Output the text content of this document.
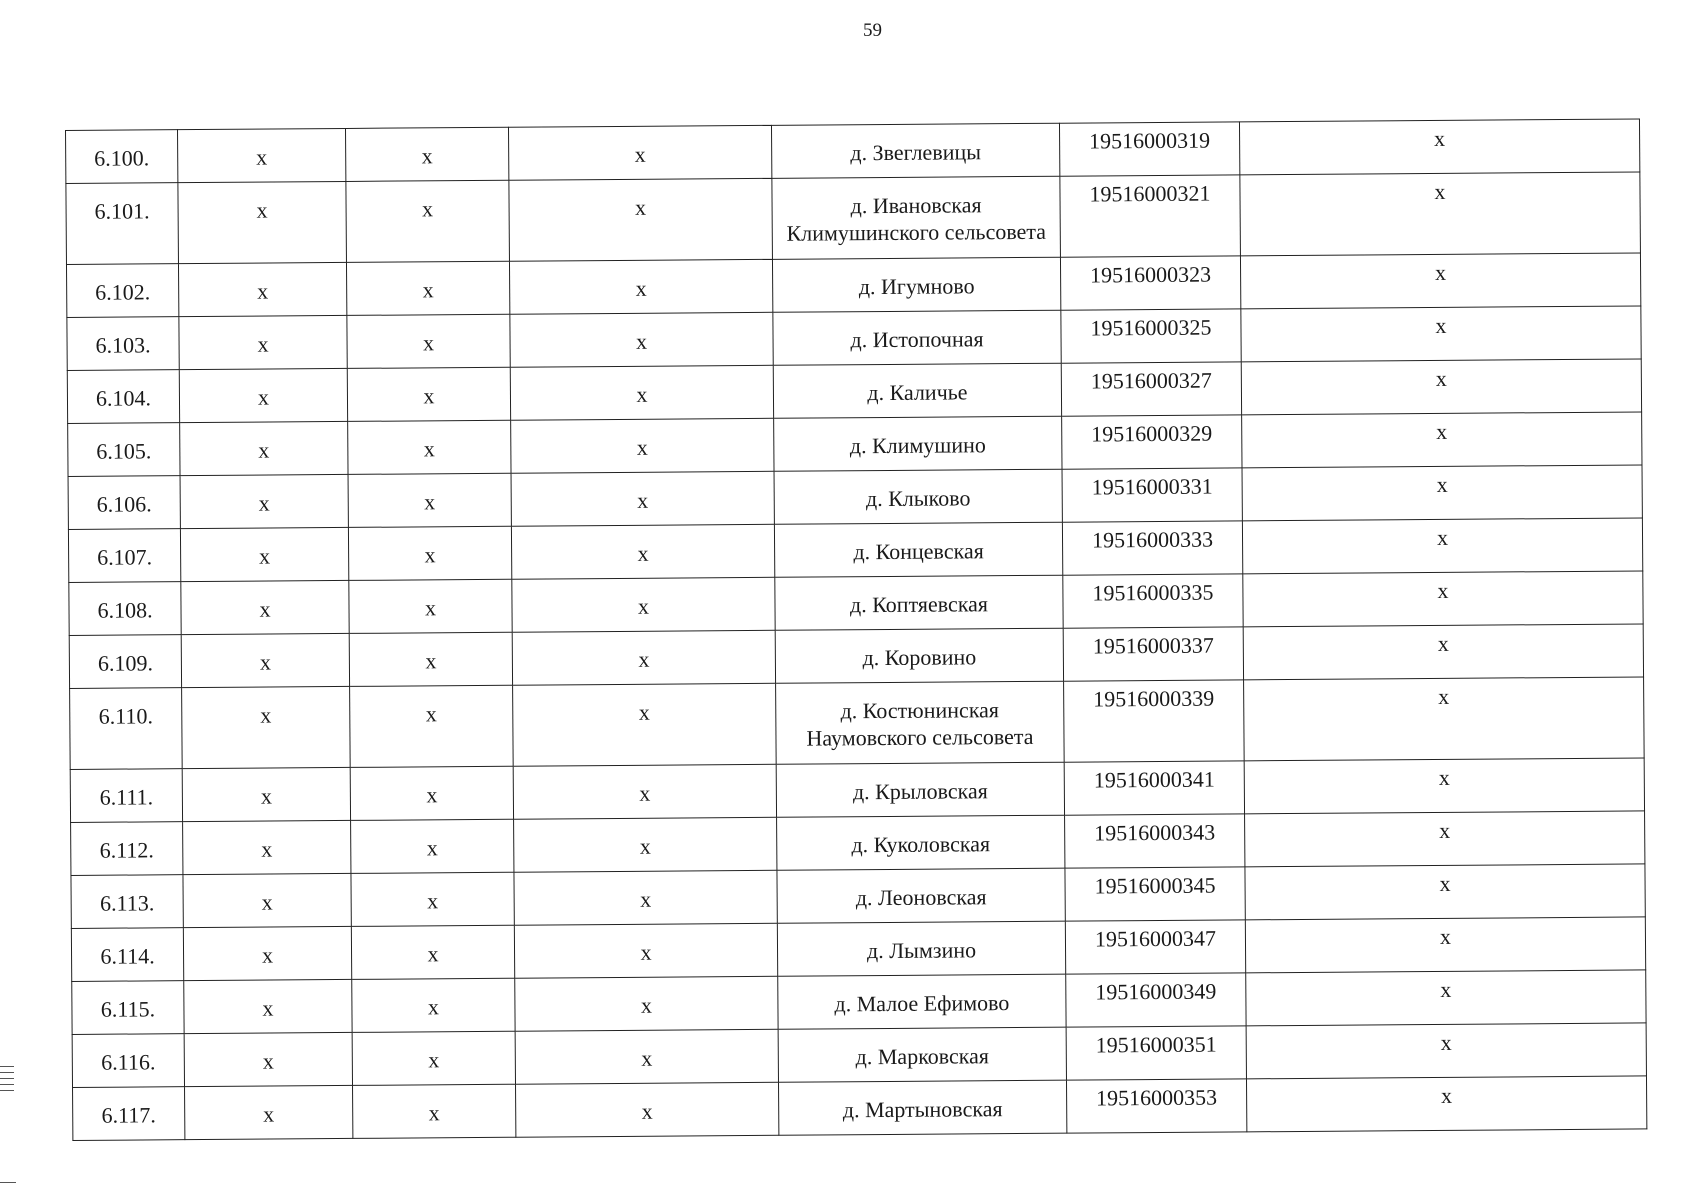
59
6.100.	x	x	x	д. Звеглевицы	19516000319	x
6.101.	x	x	x	д. Ивановская Климушинского сельсовета	19516000321	x
6.102.	x	x	x	д. Игумново	19516000323	x
6.103.	x	x	x	д. Истопочная	19516000325	x
6.104.	x	x	x	д. Каличье	19516000327	x
6.105.	x	x	x	д. Климушино	19516000329	x
6.106.	x	x	x	д. Клыково	19516000331	x
6.107.	x	x	x	д. Концевская	19516000333	x
6.108.	x	x	x	д. Коптяевская	19516000335	x
6.109.	x	x	x	д. Коровино	19516000337	x
6.110.	x	x	x	д. Костюнинская Наумовского сельсовета	19516000339	x
6.111.	x	x	x	д. Крыловская	19516000341	x
6.112.	x	x	x	д. Куколовская	19516000343	x
6.113.	x	x	x	д. Леоновская	19516000345	x
6.114.	x	x	x	д. Лымзино	19516000347	x
6.115.	x	x	x	д. Малое Ефимово	19516000349	x
6.116.	x	x	x	д. Марковская	19516000351	x
6.117.	x	x	x	д. Мартыновская	19516000353	x
